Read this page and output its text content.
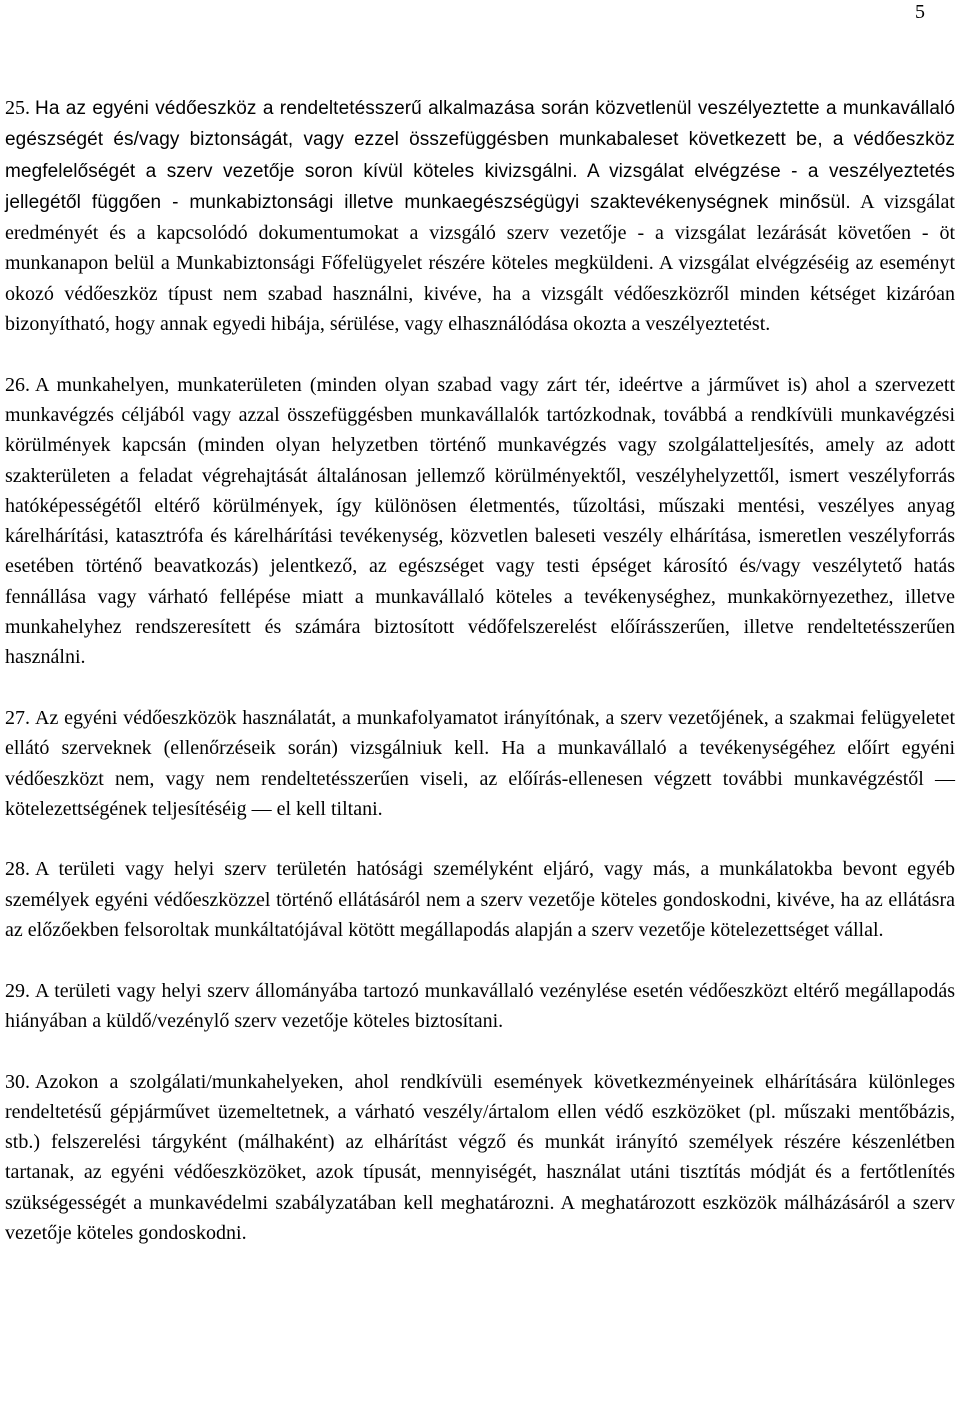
5

25. Ha az egyéni védőeszköz a rendeltetésszerű alkalmazása során közvetlenül veszélyeztette a munkavállaló egészségét és/vagy biztonságát, vagy ezzel összefüggésben munkabaleset következett be, a védőeszköz megfelelőségét a szerv vezetője soron kívül köteles kivizsgálni. A vizsgálat elvégzése - a veszélyeztetés jellegétől függően - munkabiztonsági illetve munkaegészségügyi szaktevékenységnek minősül. A vizsgálat eredményét és a kapcsolódó dokumentumokat a vizsgáló szerv vezetője - a vizsgálat lezárását követően - öt munkanapon belül a Munkabiztonsági Főfelügyelet részére köteles megküldeni. A vizsgálat elvégzéséig az eseményt okozó védőeszköz típust nem szabad használni, kivéve, ha a vizsgált védőeszközről minden kétséget kizáróan bizonyítható, hogy annak egyedi hibája, sérülése, vagy elhasználódása okozta a veszélyeztetést.

26. A munkahelyen, munkaterületen (minden olyan szabad vagy zárt tér, ideértve a járművet is) ahol a szervezett munkavégzés céljából vagy azzal összefüggésben munkavállalók tartózkodnak, továbbá a rendkívüli munkavégzési körülmények kapcsán (minden olyan helyzetben történő munkavégzés vagy szolgálatteljesítés, amely az adott szakterületen a feladat végrehajtását általánosan jellemző körülményektől, veszélyhelyzettől, ismert veszélyforrás hatóképességétől eltérő körülmények, így különösen életmentés, tűzoltási, műszaki mentési, veszélyes anyag kárelhárítási, katasztrófa és kárelhárítási tevékenység, közvetlen baleseti veszély elhárítása, ismeretlen veszélyforrás esetében történő beavatkozás) jelentkező, az egészséget vagy testi épséget károsító és/vagy veszélytető hatás fennállása vagy várható fellépése miatt a munkavállaló köteles a tevékenységhez, munkakörnyezethez, illetve munkahelyhez rendszeresített és számára biztosított védőfelszerelést előírásszerűen, illetve rendeltetésszerűen használni.

27. Az egyéni védőeszközök használatát, a munkafolyamatot irányítónak, a szerv vezetőjének, a szakmai felügyeletet ellátó szerveknek (ellenőrzéseik során) vizsgálniuk kell. Ha a munkavállaló a tevékenységéhez előírt egyéni védőeszközt nem, vagy nem rendeltetésszerűen viseli, az előírás-ellenesen végzett további munkavégzéstől — kötelezettségének teljesítéséig — el kell tiltani.

28. A területi vagy helyi szerv területén hatósági személyként eljáró, vagy más, a munkálatokba bevont egyéb személyek egyéni védőeszközzel történő ellátásáról nem a szerv vezetője köteles gondoskodni, kivéve, ha az ellátásra az előzőekben felsoroltak munkáltatójával kötött megállapodás alapján a szerv vezetője kötelezettséget vállal.

29. A területi vagy helyi szerv állományába tartozó munkavállaló vezénylése esetén védőeszközt eltérő megállapodás hiányában a küldő/vezénylő szerv vezetője köteles biztosítani.

30. Azokon a szolgálati/munkahelyeken, ahol rendkívüli események következményeinek elhárítására különleges rendeltetésű gépjárművet üzemeltetnek, a várható veszély/ártalom ellen védő eszközöket (pl. műszaki mentőbázis, stb.) felszerelési tárgyként (málhaként) az elhárítást végző és munkát irányító személyek részére készenlétben tartanak, az egyéni védőeszközöket, azok típusát, mennyiségét, használat utáni tisztítás módját és a fertőtlenítés szükségességét a munkavédelmi szabályzatában kell meghatározni. A meghatározott eszközök málházásáról a szerv vezetője köteles gondoskodni.
